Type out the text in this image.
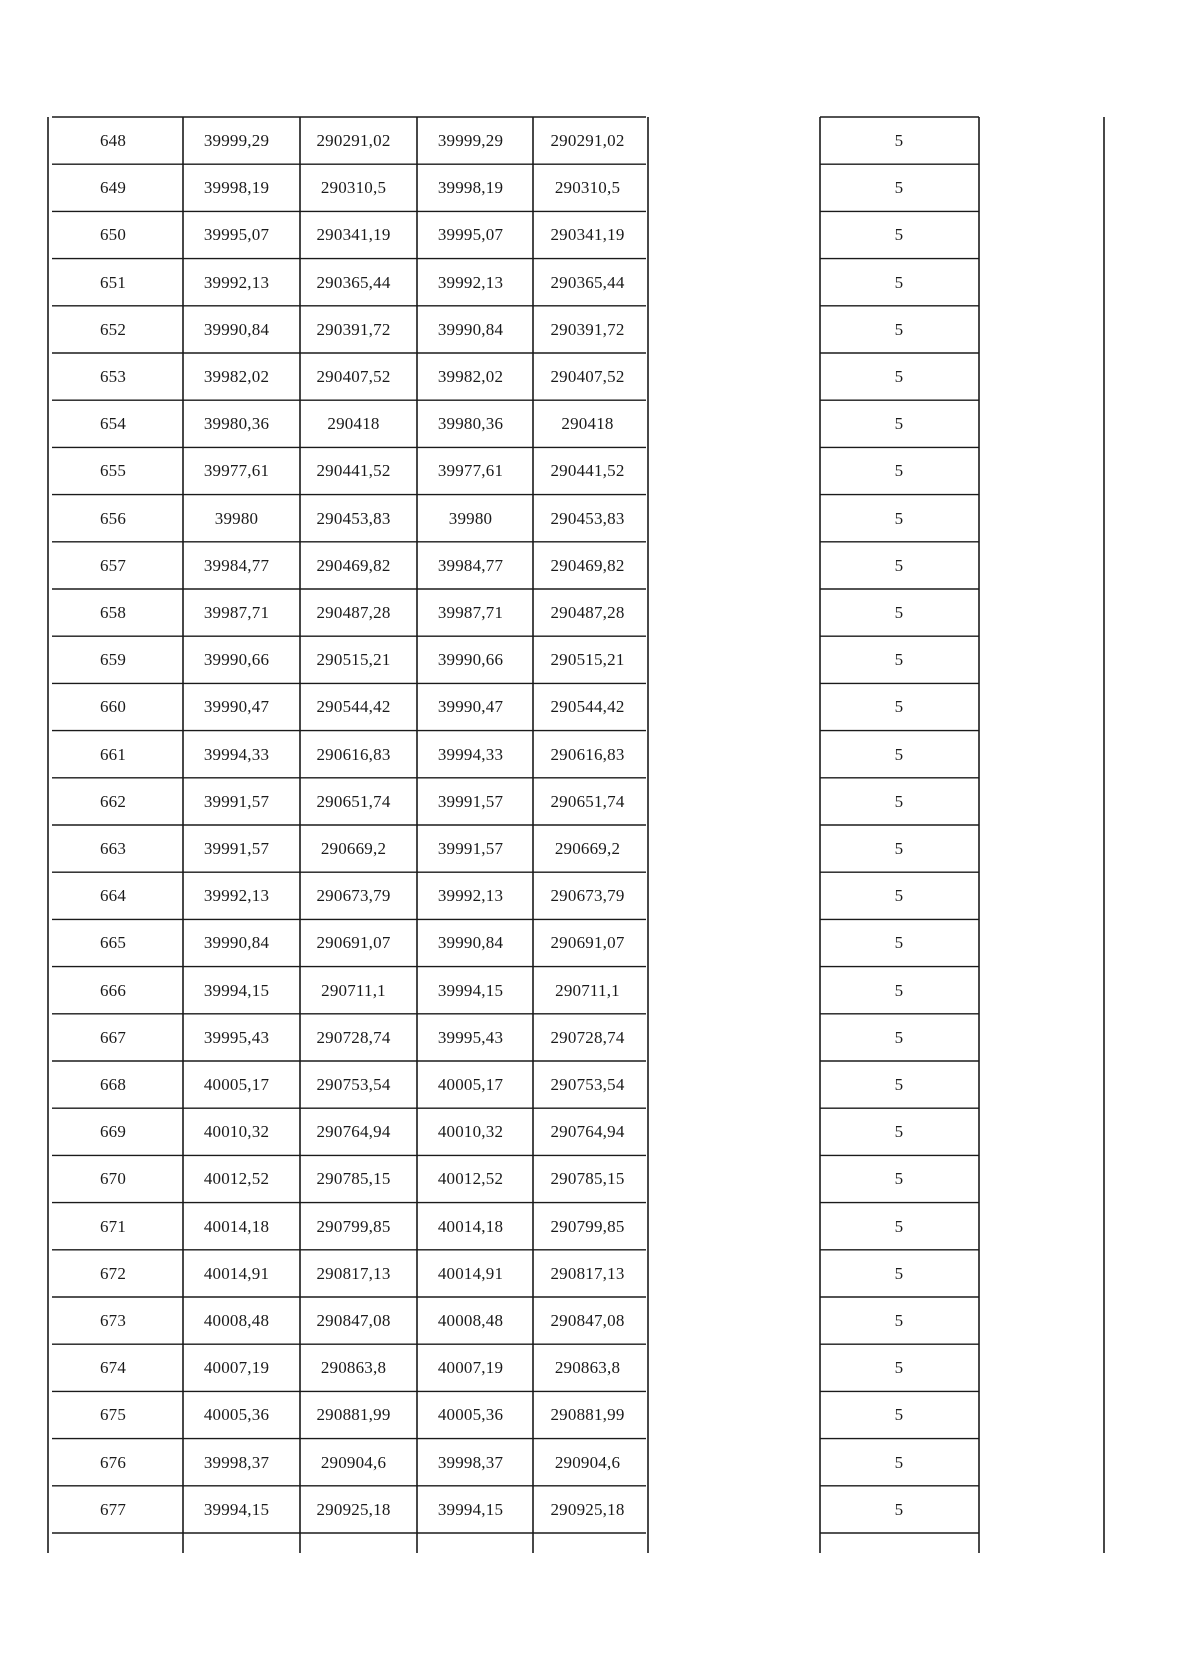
648	39999,29	290291,02	39999,29	290291,02	5
649	39998,19	290310,5	39998,19	290310,5	5
650	39995,07	290341,19	39995,07	290341,19	5
651	39992,13	290365,44	39992,13	290365,44	5
652	39990,84	290391,72	39990,84	290391,72	5
653	39982,02	290407,52	39982,02	290407,52	5
654	39980,36	290418	39980,36	290418	5
655	39977,61	290441,52	39977,61	290441,52	5
656	39980	290453,83	39980	290453,83	5
657	39984,77	290469,82	39984,77	290469,82	5
658	39987,71	290487,28	39987,71	290487,28	5
659	39990,66	290515,21	39990,66	290515,21	5
660	39990,47	290544,42	39990,47	290544,42	5
661	39994,33	290616,83	39994,33	290616,83	5
662	39991,57	290651,74	39991,57	290651,74	5
663	39991,57	290669,2	39991,57	290669,2	5
664	39992,13	290673,79	39992,13	290673,79	5
665	39990,84	290691,07	39990,84	290691,07	5
666	39994,15	290711,1	39994,15	290711,1	5
667	39995,43	290728,74	39995,43	290728,74	5
668	40005,17	290753,54	40005,17	290753,54	5
669	40010,32	290764,94	40010,32	290764,94	5
670	40012,52	290785,15	40012,52	290785,15	5
671	40014,18	290799,85	40014,18	290799,85	5
672	40014,91	290817,13	40014,91	290817,13	5
673	40008,48	290847,08	40008,48	290847,08	5
674	40007,19	290863,8	40007,19	290863,8	5
675	40005,36	290881,99	40005,36	290881,99	5
676	39998,37	290904,6	39998,37	290904,6	5
677	39994,15	290925,18	39994,15	290925,18	5
